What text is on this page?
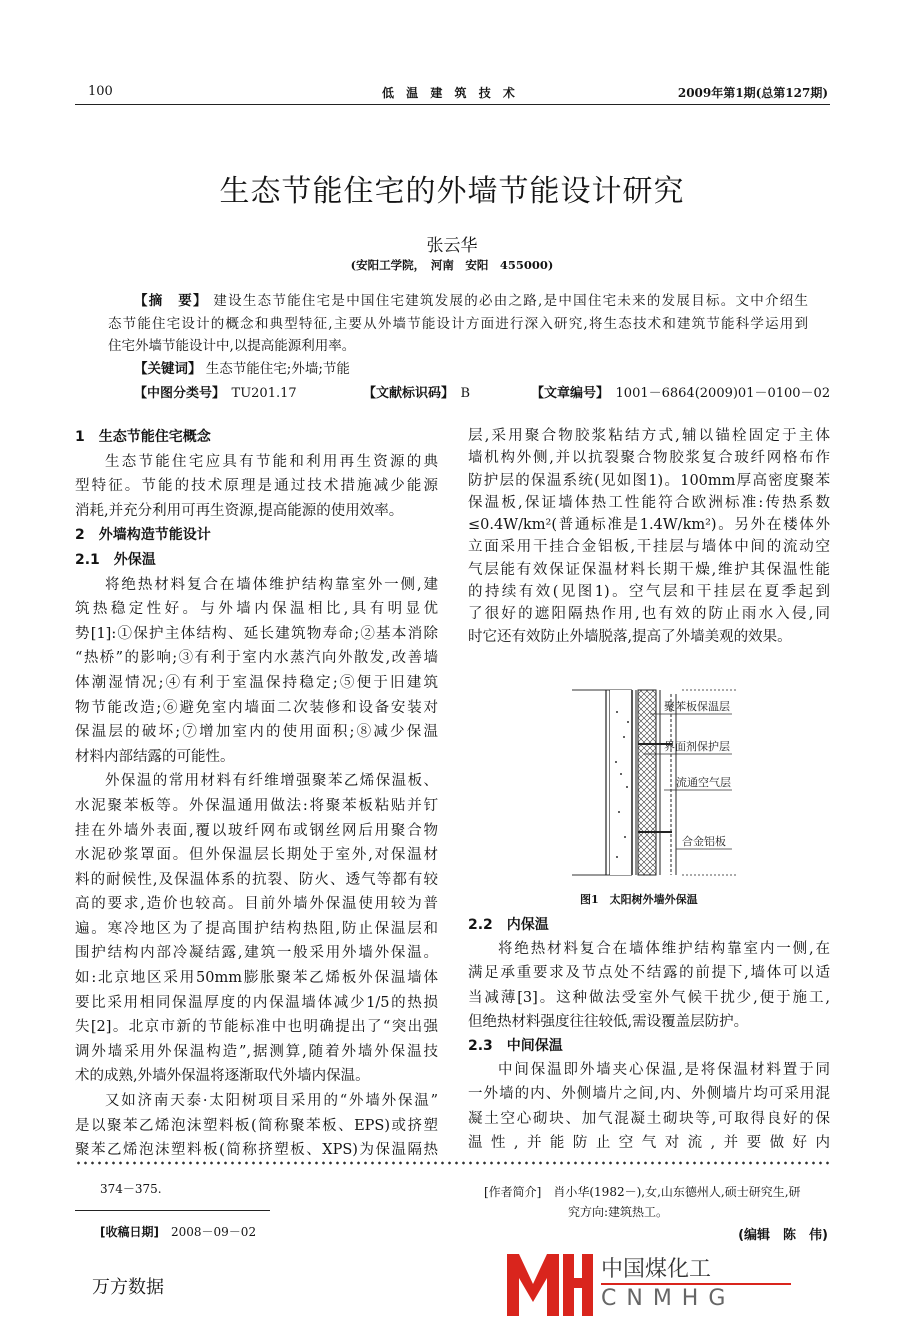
100	低 温 建 筑 技 术	2009年第1期(总第127期)
生态节能住宅的外墙节能设计研究
张云华
(安阳工学院，　河南　安阳　455000)
【摘　要】 建设生态节能住宅是中国住宅建筑发展的必由之路,是中国住宅未来的发展目标。文中介绍生
态节能住宅设计的概念和典型特征,主要从外墙节能设计方面进行深入研究,将生态技术和建筑节能科学运用到
住宅外墙节能设计中,以提高能源利用率。
【关键词】 生态节能住宅;外墙;节能
【中图分类号】　 TU201.17	【文献标识码】　 B	【文章编号】　 1001－6864(2009)01－0100－02
1　生态节能住宅概念
生态节能住宅应具有节能和利用再生资源的典
型特征。节能的技术原理是通过技术措施减少能源
消耗,并充分利用可再生资源,提高能源的使用效率。
2　外墙构造节能设计
2.1　外保温
将绝热材料复合在墙体维护结构靠室外一侧,建
筑热稳定性好。与外墙内保温相比,具有明显优
势[1]:①保护主体结构、延长建筑物寿命;②基本消除
“热桥”的影响;③有利于室内水蒸汽向外散发,改善墙
体潮湿情况;④有利于室温保持稳定;⑤便于旧建筑
物节能改造;⑥避免室内墙面二次装修和设备安装对
保温层的破坏;⑦增加室内的使用面积;⑧减少保温
材料内部结露的可能性。
外保温的常用材料有纤维增强聚苯乙烯保温板、
水泥聚苯板等。外保温通用做法:将聚苯板粘贴并钉
挂在外墙外表面,覆以玻纤网布或钢丝网后用聚合物
水泥砂浆罩面。但外保温层长期处于室外,对保温材
料的耐候性,及保温体系的抗裂、防火、透气等都有较
高的要求,造价也较高。目前外墙外保温使用较为普
遍。寒冷地区为了提高围护结构热阻,防止保温层和
围护结构内部冷凝结露,建筑一般采用外墙外保温。
如:北京地区采用50mm膨胀聚苯乙烯板外保温墙体
要比采用相同保温厚度的内保温墙体减少1/5的热损
失[2]。北京市新的节能标准中也明确提出了“突出强
调外墙采用外保温构造”,据测算,随着外墙外保温技
术的成熟,外墙外保温将逐渐取代外墙内保温。
又如济南天泰·太阳树项目采用的“外墙外保温”
是以聚苯乙烯泡沫塑料板(简称聚苯板、EPS)或挤塑
聚苯乙烯泡沫塑料板(简称挤塑板、XPS)为保温隔热
层,采用聚合物胶浆粘结方式,辅以锚栓固定于主体
墙机构外侧,并以抗裂聚合物胶浆复合玻纤网格布作
防护层的保温系统(见如图1)。100mm厚高密度聚苯
保温板,保证墙体热工性能符合欧洲标准:传热系数
≤0.4W/km²(普通标准是1.4W/km²)。另外在楼体外
立面采用干挂合金铝板,干挂层与墙体中间的流动空
气层能有效保证保温材料长期干燥,维护其保温性能
的持续有效(见图1)。空气层和干挂层在夏季起到
了很好的遮阳隔热作用,也有效的防止雨水入侵,同
时它还有效防止外墙脱落,提高了外墙美观的效果。
聚苯板保温层
界面剂保护层
流通空气层
合金铝板
图1　太阳树外墙外保温
2.2　内保温
将绝热材料复合在墙体维护结构靠室内一侧,在
满足承重要求及节点处不结露的前提下,墙体可以适
当减薄[3]。这种做法受室外气候干扰少,便于施工,
但绝热材料强度往往较低,需设覆盖层防护。
2.3　中间保温
中间保温即外墙夹心保温,是将保温材料置于同
一外墙的内、外侧墙片之间,内、外侧墙片均可采用混
凝土空心砌块、加气混凝土砌块等,可取得良好的保
温性,并能防止空气对流,并要做好内
374－375.
[收稿日期]　 2008－09－02
[作者简介]　肖小华(1982－),女,山东德州人,硕士研究生,研
究方向:建筑热工。
(编辑　陈　伟)
中国煤化工
CNMHG
万方数据
